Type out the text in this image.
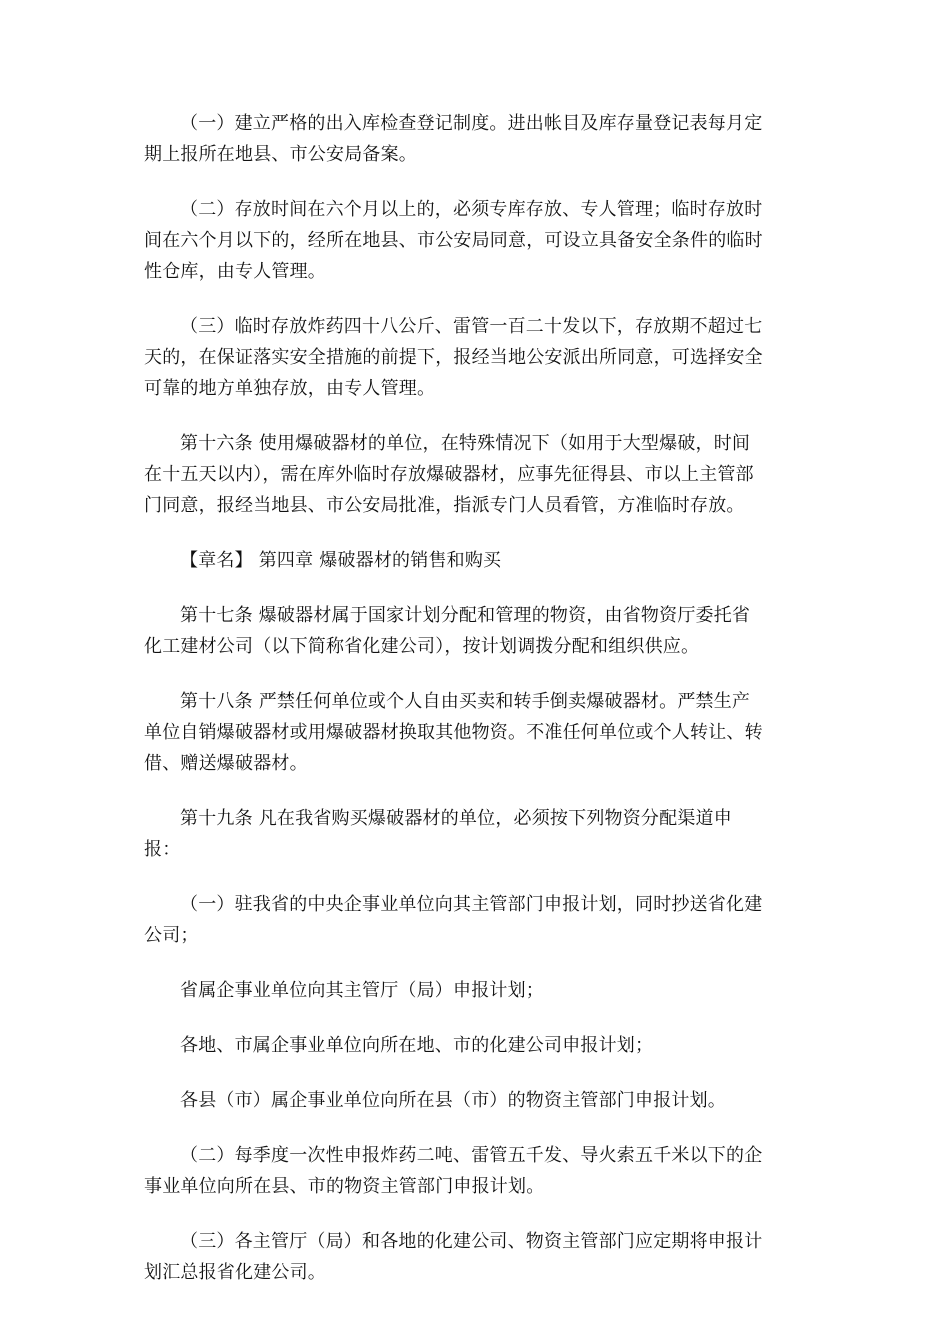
（一）建立严格的出入库检查登记制度。进出帐目及库存量登记表每月定期上报所在地县、市公安局备案。

（二）存放时间在六个月以上的，必须专库存放、专人管理；临时存放时间在六个月以下的，经所在地县、市公安局同意，可设立具备安全条件的临时性仓库，由专人管理。

（三）临时存放炸药四十八公斤、雷管一百二十发以下，存放期不超过七天的，在保证落实安全措施的前提下，报经当地公安派出所同意，可选择安全可靠的地方单独存放，由专人管理。

第十六条 使用爆破器材的单位，在特殊情况下（如用于大型爆破，时间在十五天以内），需在库外临时存放爆破器材，应事先征得县、市以上主管部门同意，报经当地县、市公安局批准，指派专门人员看管，方准临时存放。

【章名】 第四章 爆破器材的销售和购买

第十七条 爆破器材属于国家计划分配和管理的物资，由省物资厅委托省化工建材公司（以下简称省化建公司），按计划调拨分配和组织供应。

第十八条 严禁任何单位或个人自由买卖和转手倒卖爆破器材。严禁生产单位自销爆破器材或用爆破器材换取其他物资。不准任何单位或个人转让、转借、赠送爆破器材。

第十九条 凡在我省购买爆破器材的单位，必须按下列物资分配渠道申报：

（一）驻我省的中央企事业单位向其主管部门申报计划，同时抄送省化建公司；

省属企事业单位向其主管厅（局）申报计划；

各地、市属企事业单位向所在地、市的化建公司申报计划；

各县（市）属企事业单位向所在县（市）的物资主管部门申报计划。

（二）每季度一次性申报炸药二吨、雷管五千发、导火索五千米以下的企事业单位向所在县、市的物资主管部门申报计划。

（三）各主管厅（局）和各地的化建公司、物资主管部门应定期将申报计划汇总报省化建公司。
